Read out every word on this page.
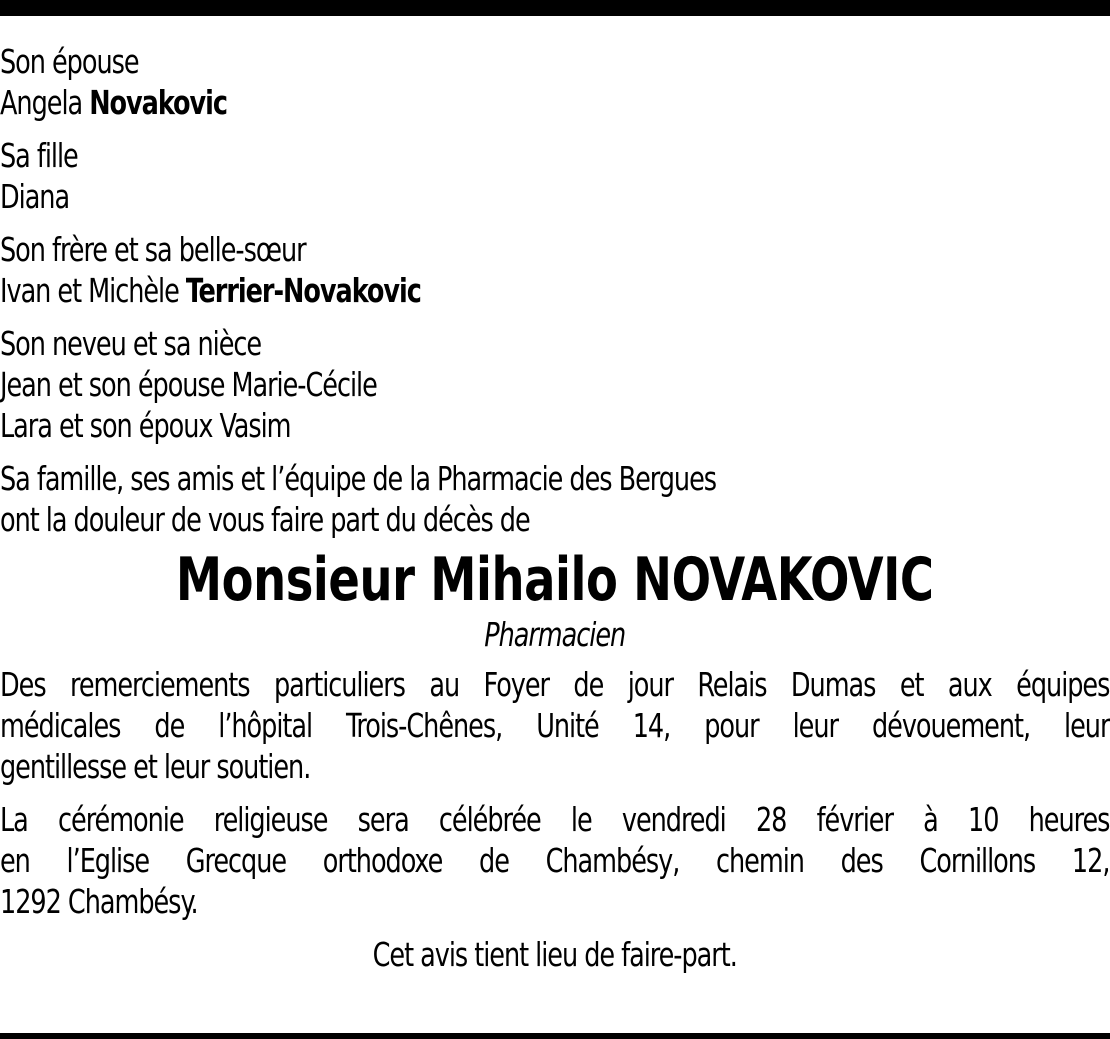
Son épouse
Angela Novakovic
Sa fille
Diana
Son frère et sa belle-sœur
Ivan et Michèle Terrier-Novakovic
Son neveu et sa nièce
Jean et son épouse Marie-Cécile
Lara et son époux Vasim
Sa famille, ses amis et l’équipe de la Pharmacie des Bergues
ont la douleur de vous faire part du décès de
Monsieur Mihailo NOVAKOVIC
Pharmacien
Des remerciements particuliers au Foyer de jour Relais Dumas et aux équipes
médicales de l’hôpital Trois-Chênes, Unité 14, pour leur dévouement, leur
gentillesse et leur soutien.
La cérémonie religieuse sera célébrée le vendredi 28 février à 10 heures
en l’Eglise Grecque orthodoxe de Chambésy, chemin des Cornillons 12,
1292 Chambésy.
Cet avis tient lieu de faire-part.
